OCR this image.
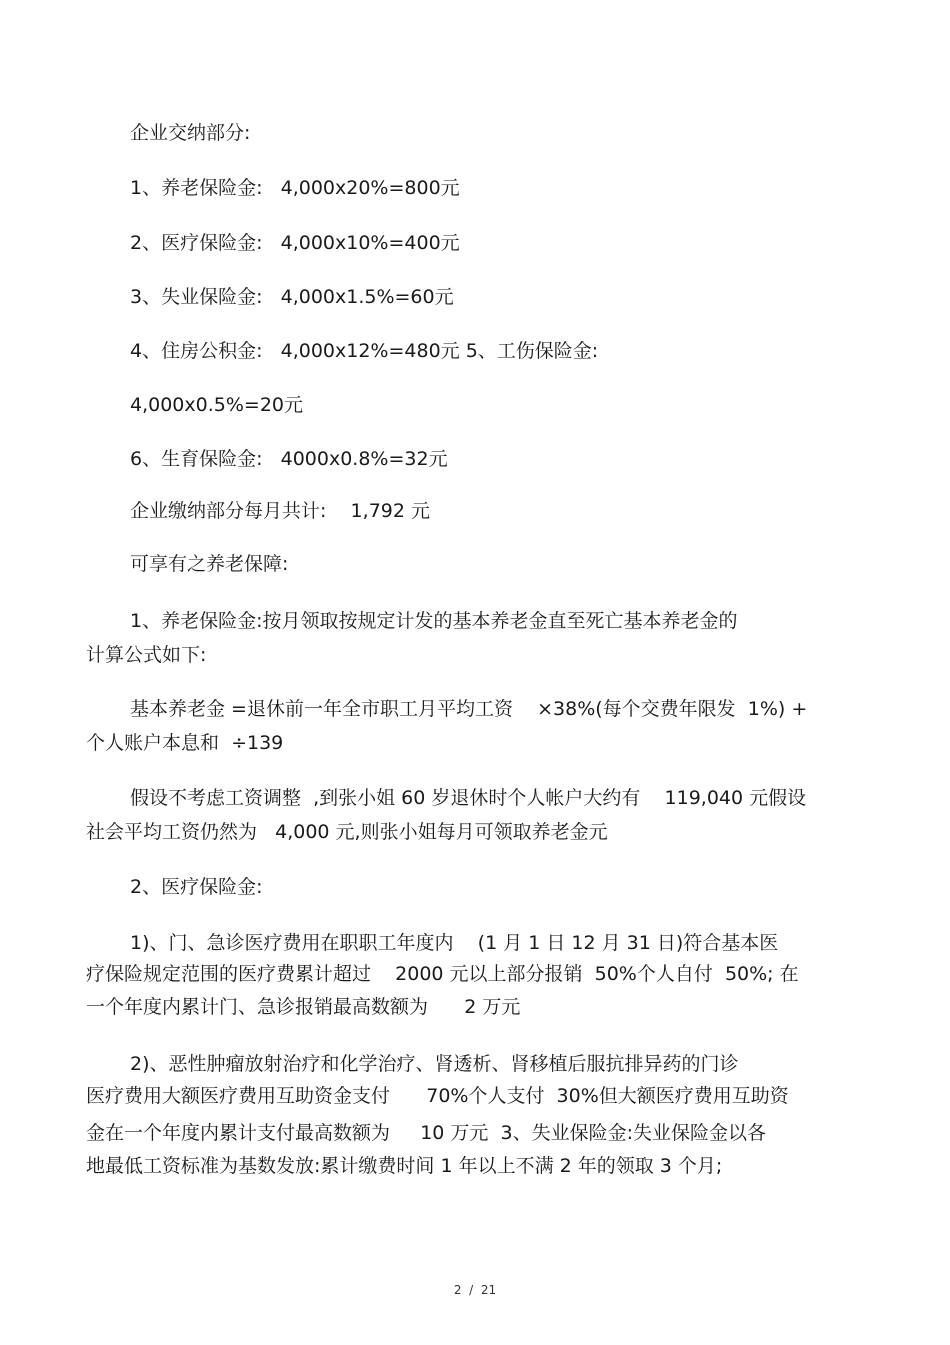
企业交纳部分:
1、养老保险金:   4,000x20%=800元
2、医疗保险金:   4,000x10%=400元
3、失业保险金:   4,000x1.5%=60元
4、住房公积金:   4,000x12%=480元 5、工伤保险金:
4,000x0.5%=20元
6、生育保险金:   4000x0.8%=32元
企业缴纳部分每月共计:    1,792 元
可享有之养老保障:
1、养老保险金:按月领取按规定计发的基本养老金直至死亡基本养老金的
计算公式如下:
基本养老金 =退休前一年全市职工月平均工资    ×38%(每个交费年限发  1%) +
个人账户本息和  ÷139
假设不考虑工资调整  ,到张小姐 60 岁退休时个人帐户大约有    119,040 元假设
社会平均工资仍然为   4,000 元,则张小姐每月可领取养老金元
2、医疗保险金:
1)、门、急诊医疗费用在职职工年度内    (1 月 1 日 12 月 31 日)符合基本医
疗保险规定范围的医疗费累计超过    2000 元以上部分报销  50%个人自付  50%; 在
一个年度内累计门、急诊报销最高数额为      2 万元
2)、恶性肿瘤放射治疗和化学治疗、肾透析、肾移植后服抗排异药的门诊
医疗费用大额医疗费用互助资金支付      70%个人支付  30%但大额医疗费用互助资
金在一个年度内累计支付最高数额为     10 万元  3、失业保险金:失业保险金以各
地最低工资标准为基数发放:累计缴费时间 1 年以上不满 2 年的领取 3 个月;
2  /  21
